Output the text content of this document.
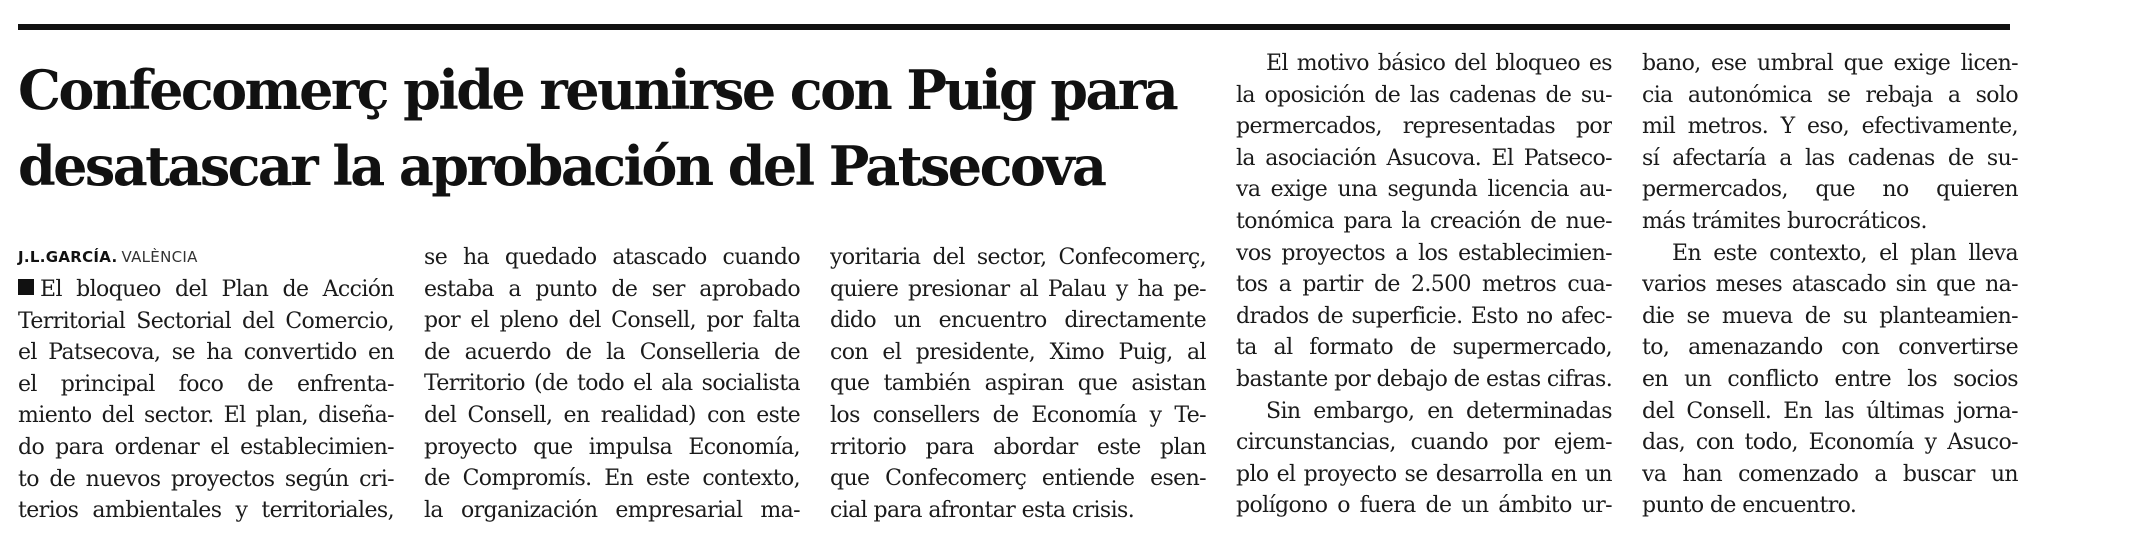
Confecomerç pide reunirse con Puig para
desatascar la aprobación del Patsecova
J.L.GARCÍA. VALÈNCIA
El bloqueo del Plan de Acción
Territorial Sectorial del Comercio,
el Patsecova, se ha convertido en
el principal foco de enfrenta-
miento del sector. El plan, diseña-
do para ordenar el establecimien-
to de nuevos proyectos según cri-
terios ambientales y territoriales,
se ha quedado atascado cuando
estaba a punto de ser aprobado
por el pleno del Consell, por falta
de acuerdo de la Conselleria de
Territorio (de todo el ala socialista
del Consell, en realidad) con este
proyecto que impulsa Economía,
de Compromís. En este contexto,
la organización empresarial ma-
yoritaria del sector, Confecomerç,
quiere presionar al Palau y ha pe-
dido un encuentro directamente
con el presidente, Ximo Puig, al
que también aspiran que asistan
los consellers de Economía y Te-
rritorio para abordar este plan
que Confecomerç entiende esen-
cial para afrontar esta crisis.
El motivo básico del bloqueo es
la oposición de las cadenas de su-
permercados, representadas por
la asociación Asucova. El Patseco-
va exige una segunda licencia au-
tonómica para la creación de nue-
vos proyectos a los establecimien-
tos a partir de 2.500 metros cua-
drados de superficie. Esto no afec-
ta al formato de supermercado,
bastante por debajo de estas cifras.
Sin embargo, en determinadas
circunstancias, cuando por ejem-
plo el proyecto se desarrolla en un
polígono o fuera de un ámbito ur-
bano, ese umbral que exige licen-
cia autonómica se rebaja a solo
mil metros. Y eso, efectivamente,
sí afectaría a las cadenas de su-
permercados, que no quieren
más trámites burocráticos.
En este contexto, el plan lleva
varios meses atascado sin que na-
die se mueva de su planteamien-
to, amenazando con convertirse
en un conflicto entre los socios
del Consell. En las últimas jorna-
das, con todo, Economía y Asuco-
va han comenzado a buscar un
punto de encuentro.
